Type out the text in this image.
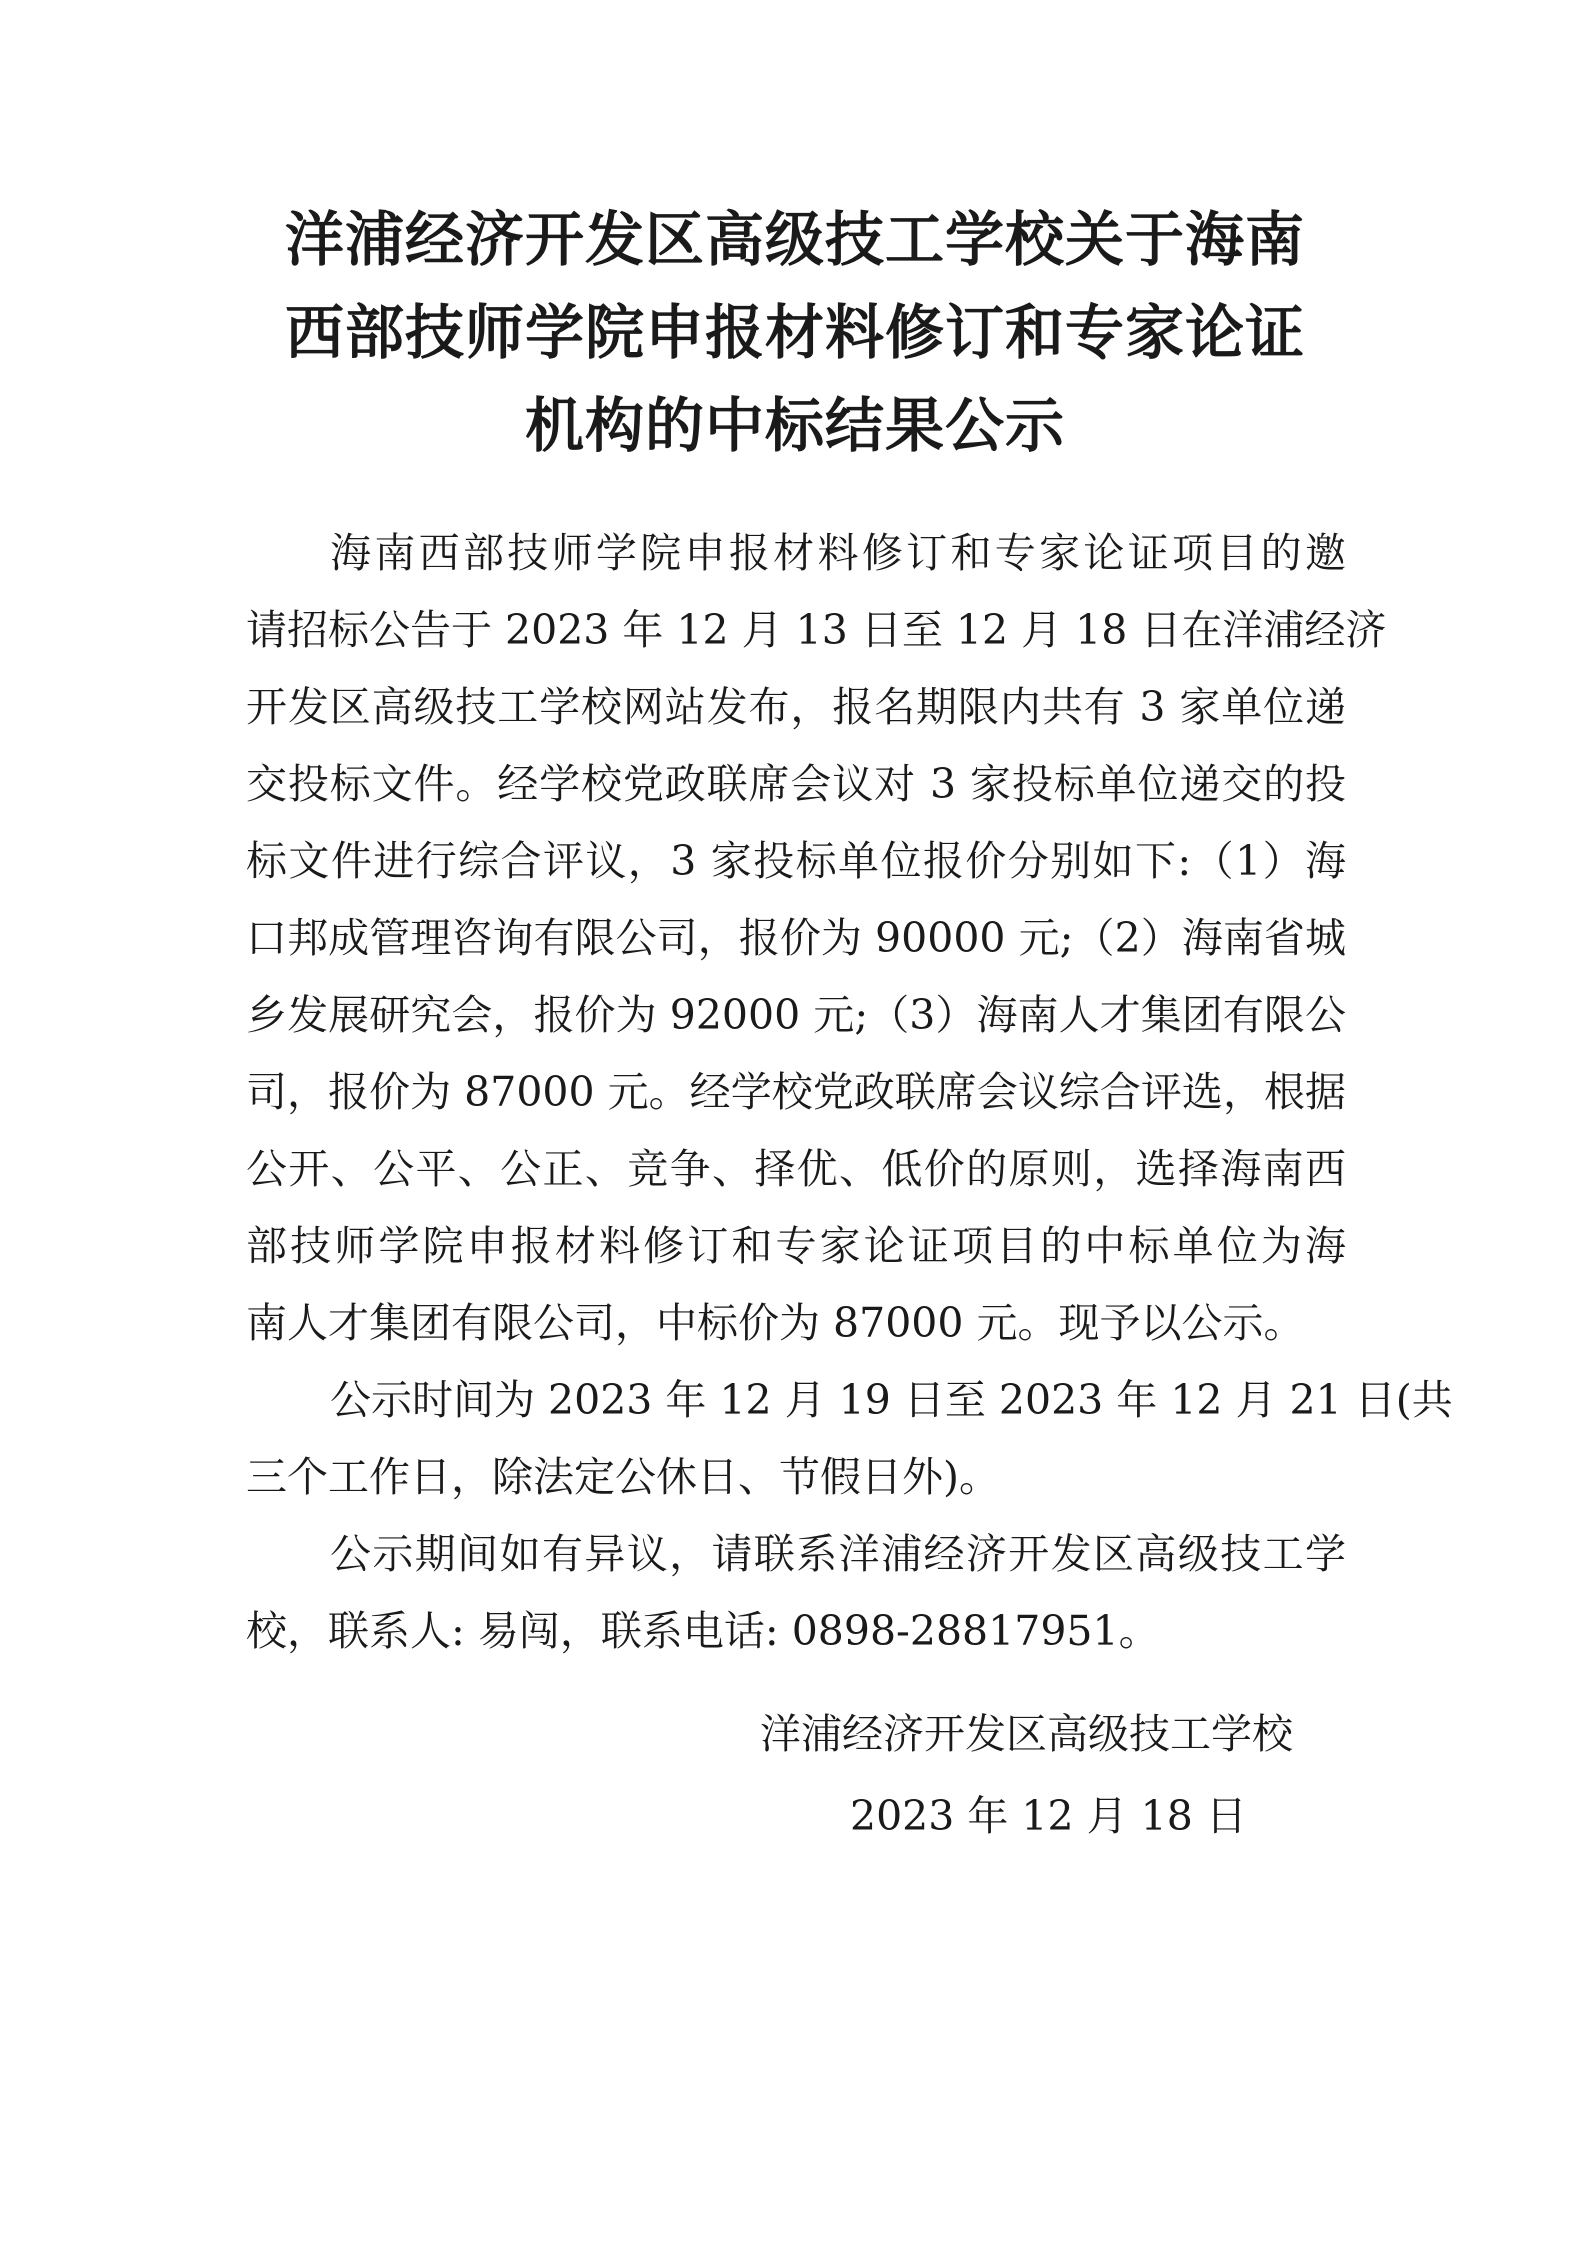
洋浦经济开发区高级技工学校关于海南
西部技师学院申报材料修订和专家论证
机构的中标结果公示
海南西部技师学院申报材料修订和专家论证项目的邀
请招标公告于 2023 年 12 月 13 日至 12 月 18 日在洋浦经济
开发区高级技工学校网站发布，报名期限内共有 3 家单位递
交投标文件。经学校党政联席会议对 3 家投标单位递交的投
标文件进行综合评议，3 家投标单位报价分别如下:（1）海
口邦成管理咨询有限公司，报价为 90000 元;（2）海南省城
乡发展研究会，报价为 92000 元;（3）海南人才集团有限公
司，报价为 87000 元。经学校党政联席会议综合评选，根据
公开、公平、公正、竞争、择优、低价的原则，选择海南西
部技师学院申报材料修订和专家论证项目的中标单位为海
南人才集团有限公司，中标价为 87000 元。现予以公示。
公示时间为 2023 年 12 月 19 日至 2023 年 12 月 21 日(共
三个工作日，除法定公休日、节假日外)。
公示期间如有异议，请联系洋浦经济开发区高级技工学
校，联系人: 易闯，联系电话: 0898-28817951。
洋浦经济开发区高级技工学校
2023 年 12 月 18 日
